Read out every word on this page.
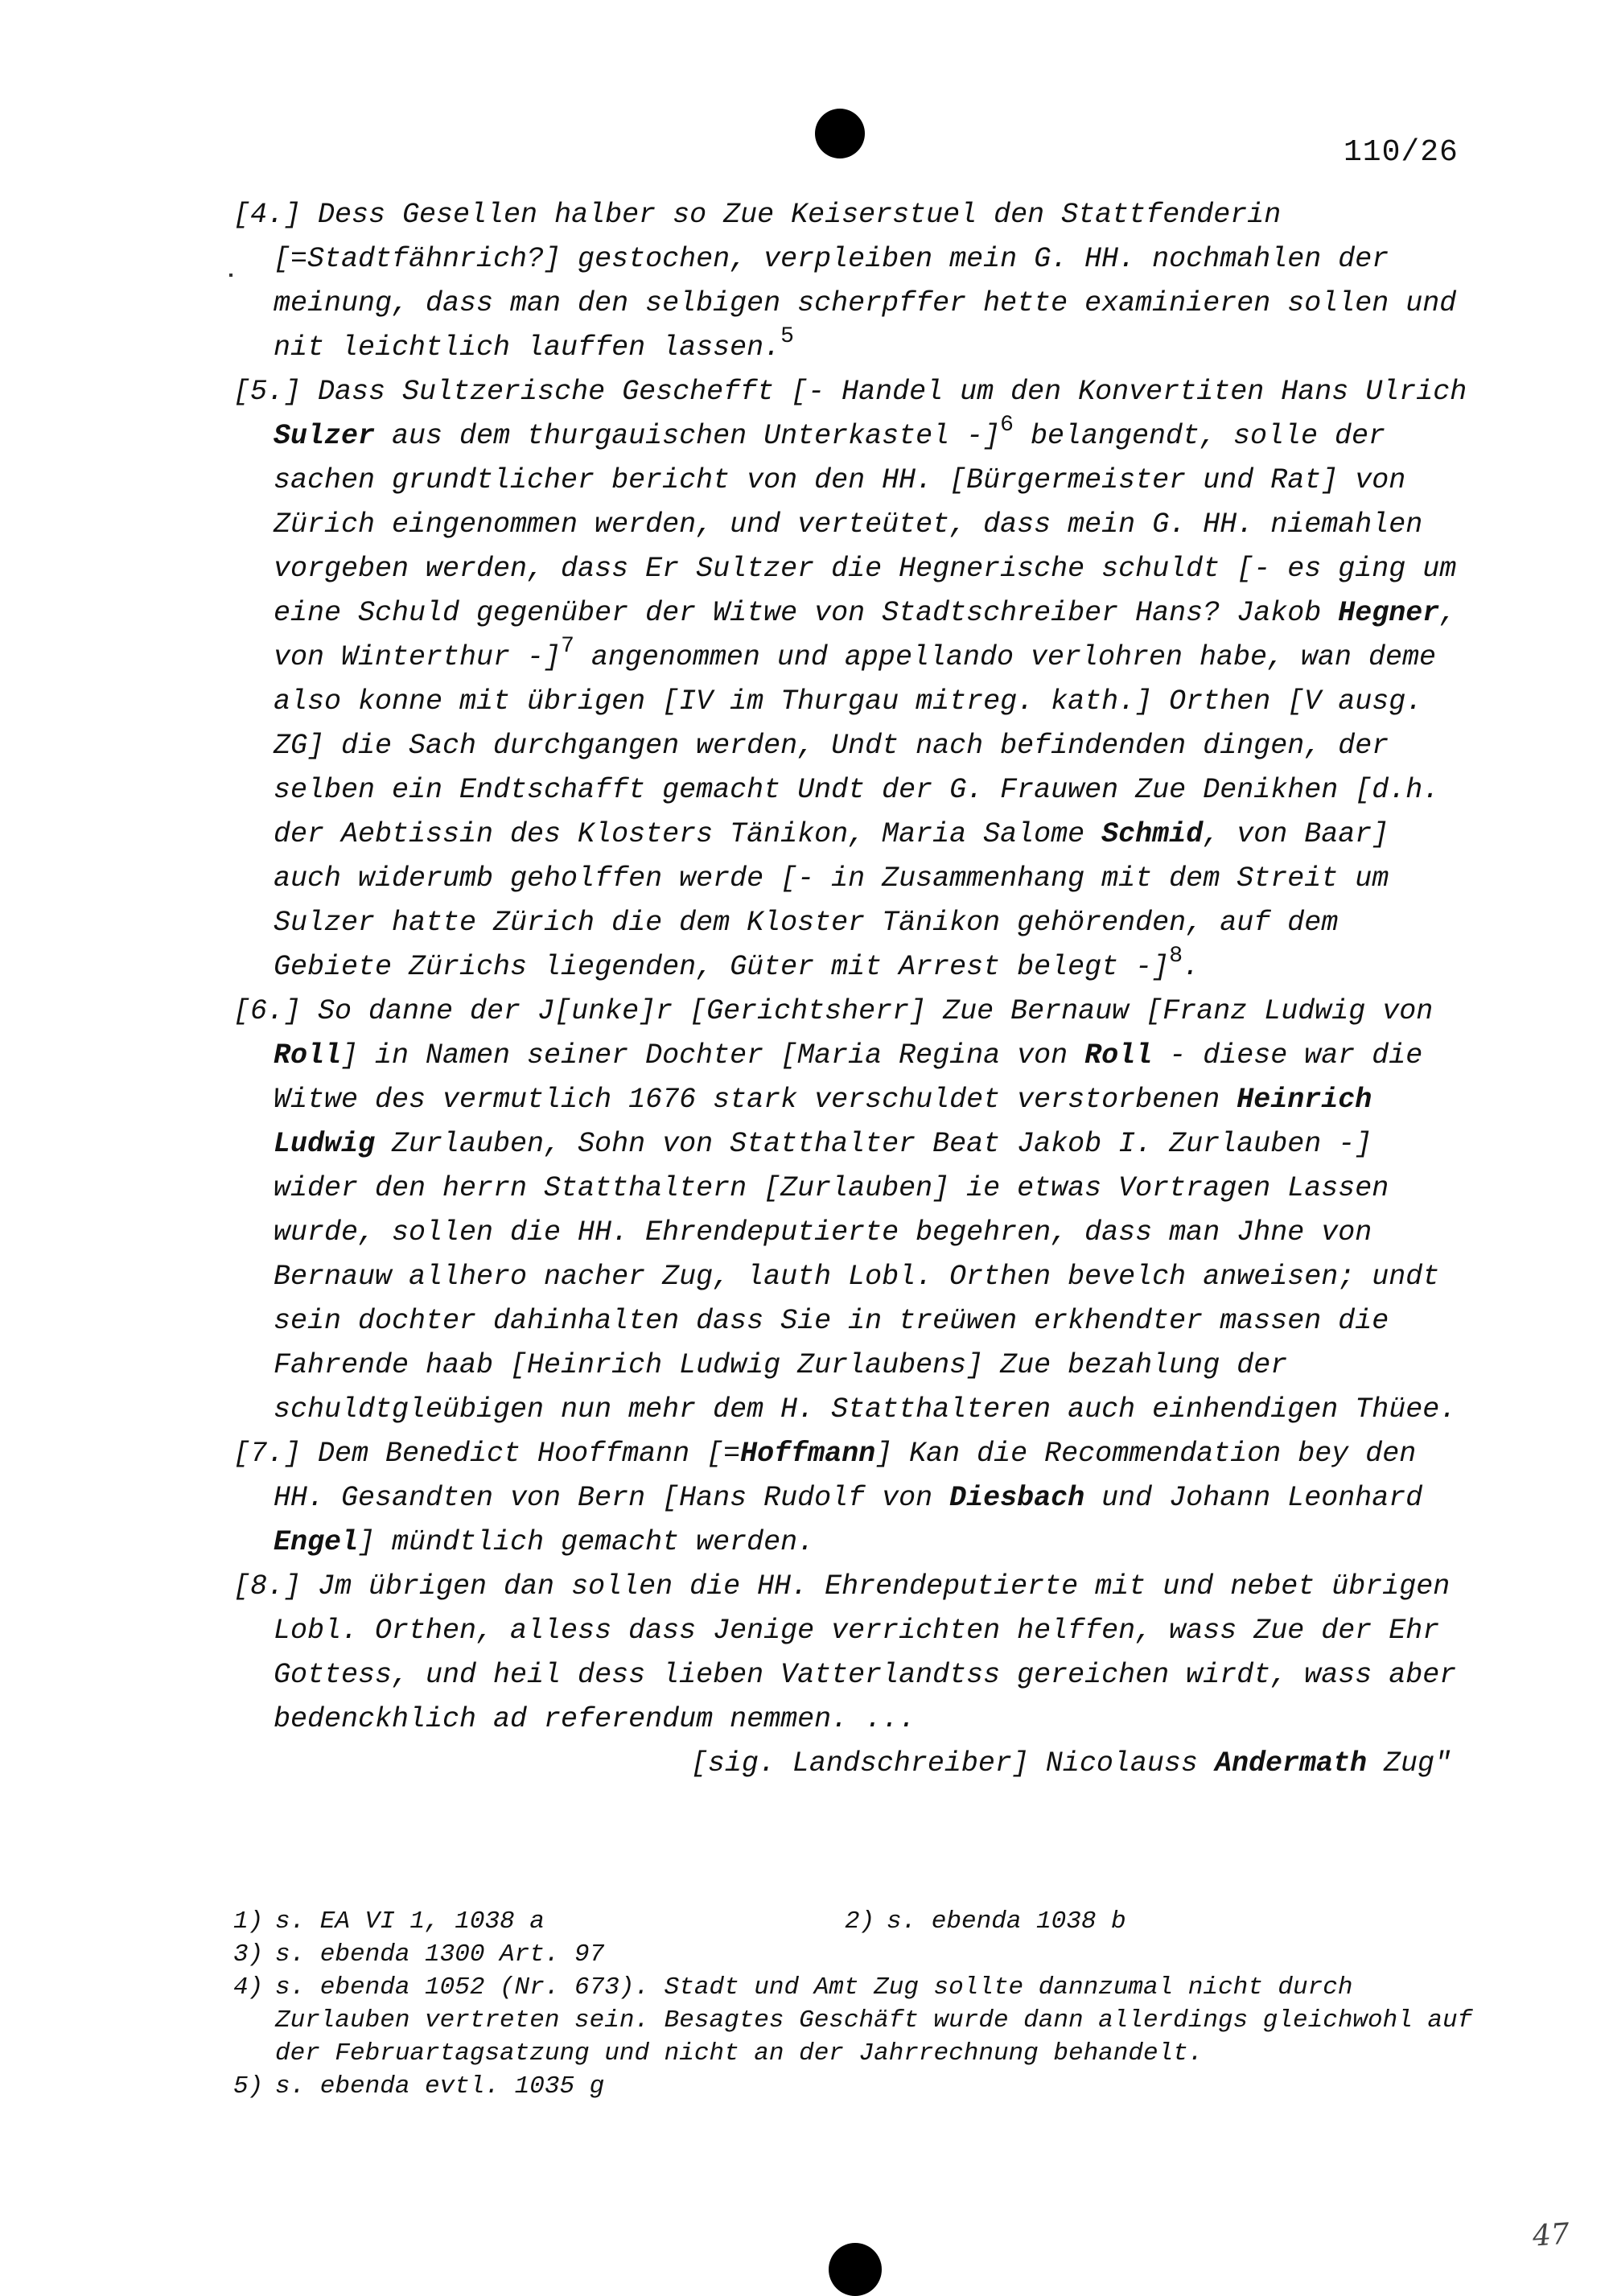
110/26

[4.] Dess Gesellen halber so Zue Keiserstuel den Stattfenderin [=Stadtfähnrich?] gestochen, verpleiben mein G. HH. nochmahlen der meinung, dass man den selbigen scherpffer hette examinieren sollen und nit leichtlich lauffen lassen.$^5$

[5.] Dass Sultzerische Geschefft [- Handel um den Konvertiten Hans Ulrich Sulzer aus dem thurgauischen Unterkastel -]$^6$ belangendt, solle der sachen grundtlicher bericht von den HH. [Bürgermeister und Rat] von Zürich eingenommen werden, und verteütet, dass mein G. HH. niemahlen vorgeben werden, dass Er Sultzer die Hegnerische schuldt [- es ging um eine Schuld gegenüber der Witwe von Stadtschreiber Hans? Jakob Hegner, von Winterthur -]$^7$ angenommen und appellando verlohren habe, wan deme also konne mit übrigen [IV im Thurgau mitreg. kath.] Orthen [V ausg. ZG] die Sach durchgangen werden, Undt nach befindenden dingen, der selben ein Endtschafft gemacht Undt der G. Frauwen Zue Denikhen [d.h. der Aebtissin des Klosters Tänikon, Maria Salome Schmid, von Baar] auch widerumb geholffen werde [- in Zusammenhang mit dem Streit um Sulzer hatte Zürich die dem Kloster Tänikon gehörenden, auf dem Gebiete Zürichs liegenden, Güter mit Arrest belegt -]$^8$.

[6.] So danne der J[unke]r [Gerichtsherr] Zue Bernauw [Franz Ludwig von Roll] in Namen seiner Dochter [Maria Regina von Roll - diese war die Witwe des vermutlich 1676 stark verschuldet verstorbenen Heinrich Ludwig Zurlauben, Sohn von Statthalter Beat Jakob I. Zurlauben -] wider den herrn Statthaltern [Zurlauben] ie etwas Vortragen Lassen wurde, sollen die HH. Ehrendeputierte begehren, dass man Jhne von Bernauw allhero nacher Zug, lauth Lobl. Orthen bevelch anweisen; undt sein dochter dahinhalten dass Sie in treüwen erkhendter massen die Fahrende haab [Heinrich Ludwig Zurlaubens] Zue bezahlung der schuldtgleübigen nun mehr dem H. Statthalteren auch einhendigen Thüee.

[7.] Dem Benedict Hooffmann [=Hoffmann] Kan die Recommendation bey den HH. Gesandten von Bern [Hans Rudolf von Diesbach und Johann Leonhard Engel] mündtlich gemacht werden.

[8.] Jm übrigen dan sollen die HH. Ehrendeputierte mit und nebet übrigen Lobl. Orthen, alless dass Jenige verrichten helffen, wass Zue der Ehr Gottess, und heil dess lieben Vatterlandtss gereichen wirdt, wass aber bedenckhlich ad referendum nemmen. ...

[sig. Landschreiber] Nicolauss Andermath Zug"

1) s. EA VI 1, 1038 a	2) s. ebenda 1038 b
3) s. ebenda 1300 Art. 97
4) s. ebenda 1052 (Nr. 673). Stadt und Amt Zug sollte dannzumal nicht durch Zurlauben vertreten sein. Besagtes Geschäft wurde dann allerdings gleichwohl auf der Februartagsatzung und nicht an der Jahrrechnung behandelt.
5) s. ebenda evtl. 1035 g
47
